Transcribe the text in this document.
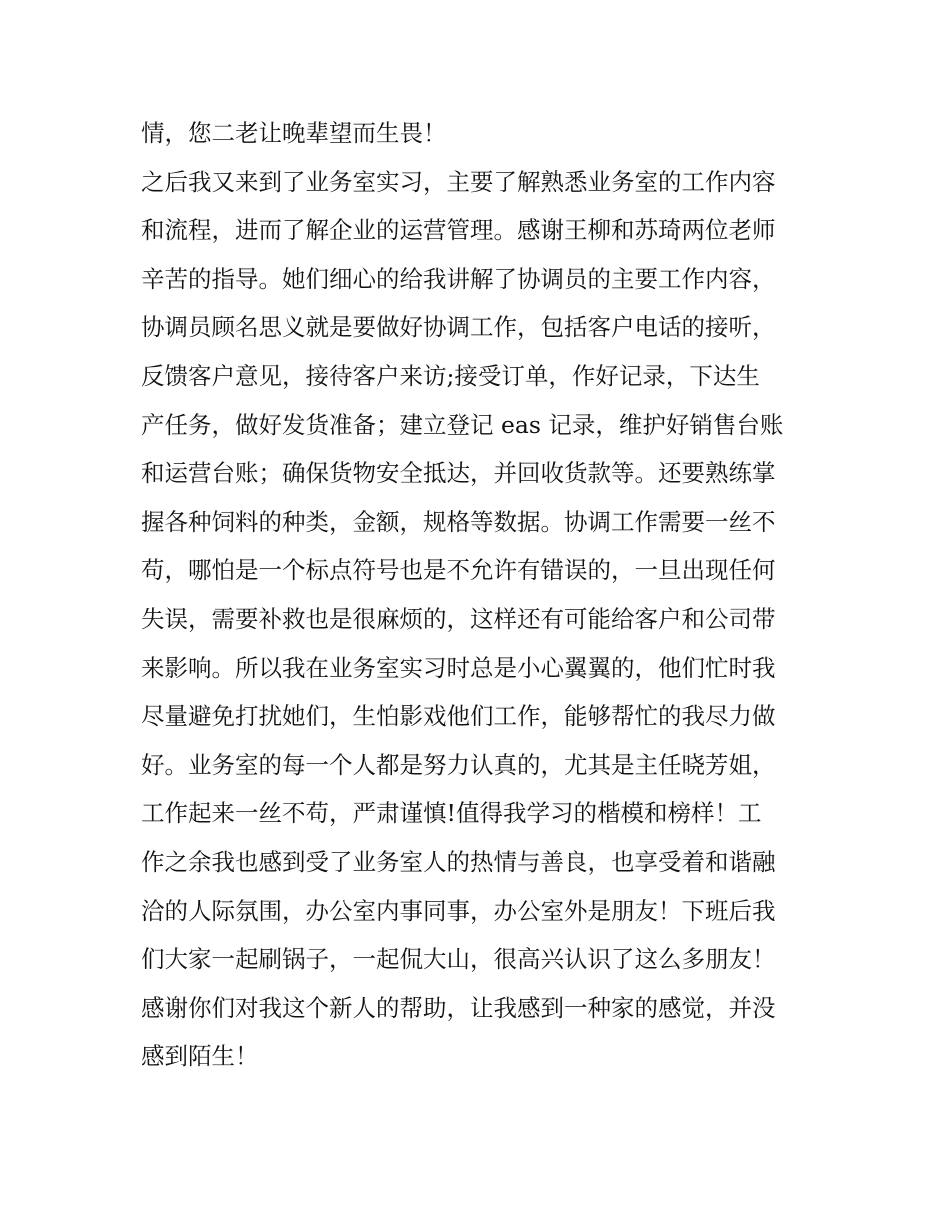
情，您二老让晚辈望而生畏！
之后我又来到了业务室实习，主要了解熟悉业务室的工作内容
和流程，进而了解企业的运营管理。感谢王柳和苏琦两位老师
辛苦的指导。她们细心的给我讲解了协调员的主要工作内容，
协调员顾名思义就是要做好协调工作，包括客户电话的接听，
反馈客户意见，接待客户来访;接受订单，作好记录，下达生
产任务，做好发货准备；建立登记 eas 记录，维护好销售台账
和运营台账；确保货物安全抵达，并回收货款等。还要熟练掌
握各种饲料的种类，金额，规格等数据。协调工作需要一丝不
苟，哪怕是一个标点符号也是不允许有错误的，一旦出现任何
失误，需要补救也是很麻烦的，这样还有可能给客户和公司带
来影响。所以我在业务室实习时总是小心翼翼的，他们忙时我
尽量避免打扰她们，生怕影戏他们工作，能够帮忙的我尽力做
好。业务室的每一个人都是努力认真的，尤其是主任晓芳姐，
工作起来一丝不苟，严肃谨慎!值得我学习的楷模和榜样！工
作之余我也感到受了业务室人的热情与善良，也享受着和谐融
洽的人际氛围，办公室内事同事，办公室外是朋友！下班后我
们大家一起刷锅子，一起侃大山，很高兴认识了这么多朋友！
感谢你们对我这个新人的帮助，让我感到一种家的感觉，并没
感到陌生！
